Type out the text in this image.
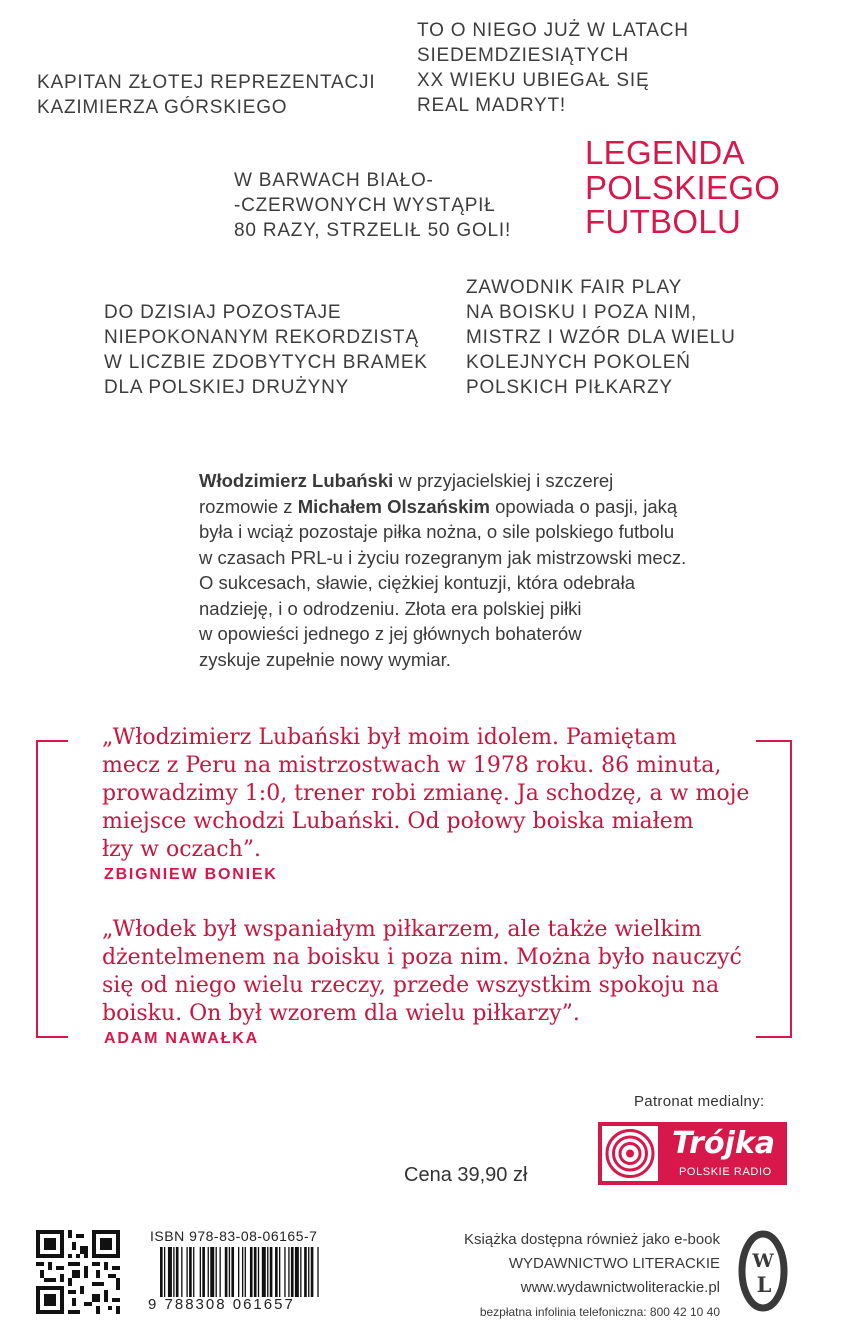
KAPITAN ZŁOTEJ REPREZENTACJI
KAZIMIERZA GÓRSKIEGO
TO O NIEGO JUŻ W LATACH
SIEDEMDZIESIĄTYCH
XX WIEKU UBIEGAŁ SIĘ
REAL MADRYT!
LEGENDA
POLSKIEGO
FUTBOLU
W BARWACH BIAŁO-
-CZERWONYCH WYSTĄPIŁ
80 RAZY, STRZELIŁ 50 GOLI!
DO DZISIAJ POZOSTAJE
NIEPOKONANYM REKORDZISTĄ
W LICZBIE ZDOBYTYCH BRAMEK
DLA POLSKIEJ DRUŻYNY
ZAWODNIK FAIR PLAY
NA BOISKU I POZA NIM,
MISTRZ I WZÓR DLA WIELU
KOLEJNYCH POKOLEŃ
POLSKICH PIŁKARZY
Włodzimierz Lubański w przyjacielskiej i szczerej
rozmowie z Michałem Olszańskim opowiada o pasji, jaką
była i wciąż pozostaje piłka nożna, o sile polskiego futbolu
w czasach PRL-u i życiu rozegranym jak mistrzowski mecz.
O sukcesach, sławie, ciężkiej kontuzji, która odebrała
nadzieję, i o odrodzeniu. Złota era polskiej piłki
w opowieści jednego z jej głównych bohaterów
zyskuje zupełnie nowy wymiar.
„Włodzimierz Lubański był moim idolem. Pamiętam
mecz z Peru na mistrzostwach w 1978 roku. 86 minuta,
prowadzimy 1:0, trener robi zmianę. Ja schodzę, a w moje
miejsce wchodzi Lubański. Od połowy boiska miałem
łzy w oczach”.
ZBIGNIEW BONIEK
„Włodek był wspaniałym piłkarzem, ale także wielkim
dżentelmenem na boisku i poza nim. Można było nauczyć
się od niego wielu rzeczy, przede wszystkim spokoju na
boisku. On był wzorem dla wielu piłkarzy”.
ADAM NAWAŁKA
Patronat medialny:
Trójka
POLSKIE RADIO
Cena 39,90 zł
ISBN 978-83-08-06165-7
9 788308 061657
Książka dostępna również jako e-book
WYDAWNICTWO LITERACKIE
www.wydawnictwoliterackie.pl
bezpłatna infolinia telefoniczna: 800 42 10 40
W
L
